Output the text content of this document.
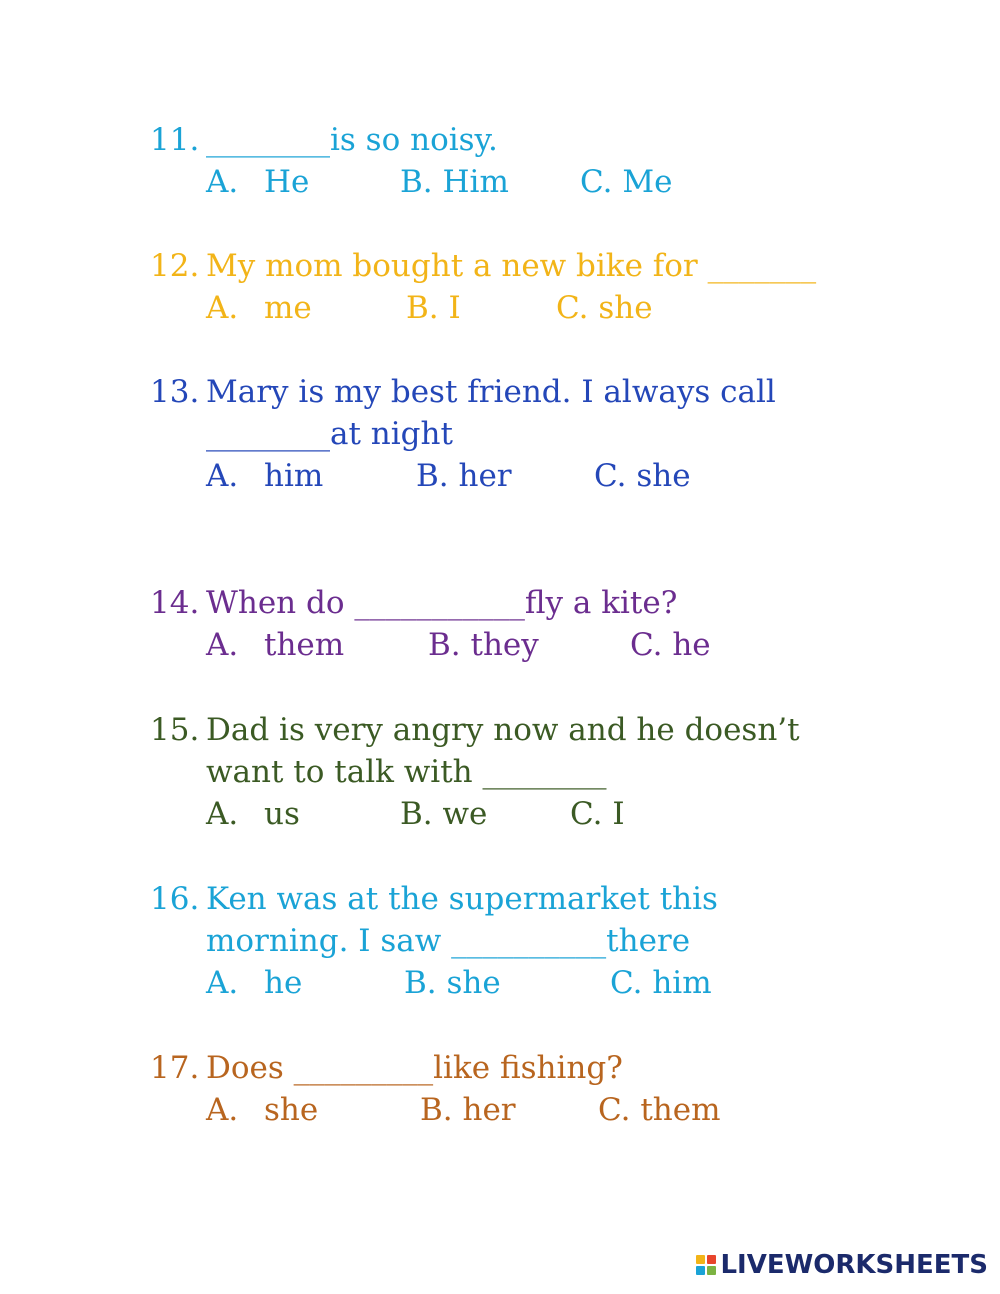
11. ________is so noisy.
A. He	B. Him C. Me
12. My mom bought a new bike for _______
A. me	B. I	C. she
13. Mary is my best friend. I always call
________at night
A. him	B. her	C. she
14. When do ___________fly a kite?
A. them	B. they	C. he
15. Dad is very angry now and he doesn’t
want to talk with ________
A. us	B. we	C. I
16. Ken was at the supermarket this
morning. I saw __________there
A. he	B. she	C. him
17. Does _________like fishing?
A. she	B. her	C. them
LIVEWORKSHEETS
